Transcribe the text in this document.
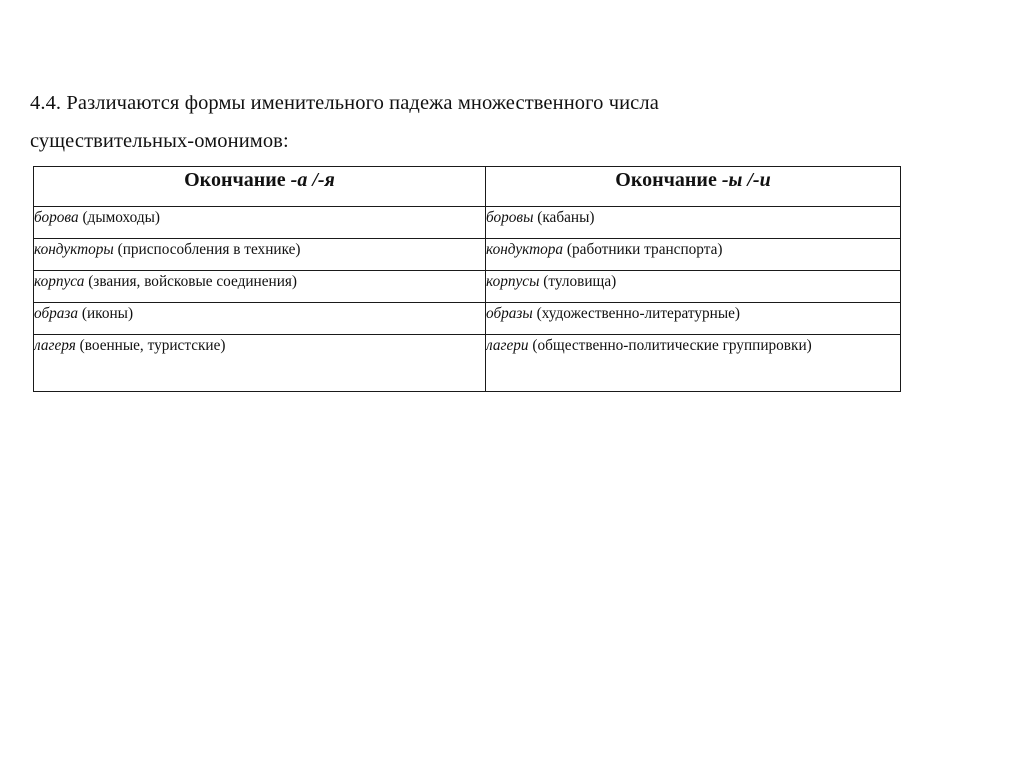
4.4. Различаются формы именительного падежа множественного числа
существительных-омонимов:
Окончание -а /-я	Окончание -ы /-и
борова (дымоходы)	боровы (кабаны)
кондукторы (приспособления в технике)	кондуктора (работники транспорта)
корпуса (звания, войсковые соединения)	корпусы (туловища)
образа (иконы)	образы (художественно-литературные)
лагеря (военные, туристские)	лагери (общественно-политические группировки)
